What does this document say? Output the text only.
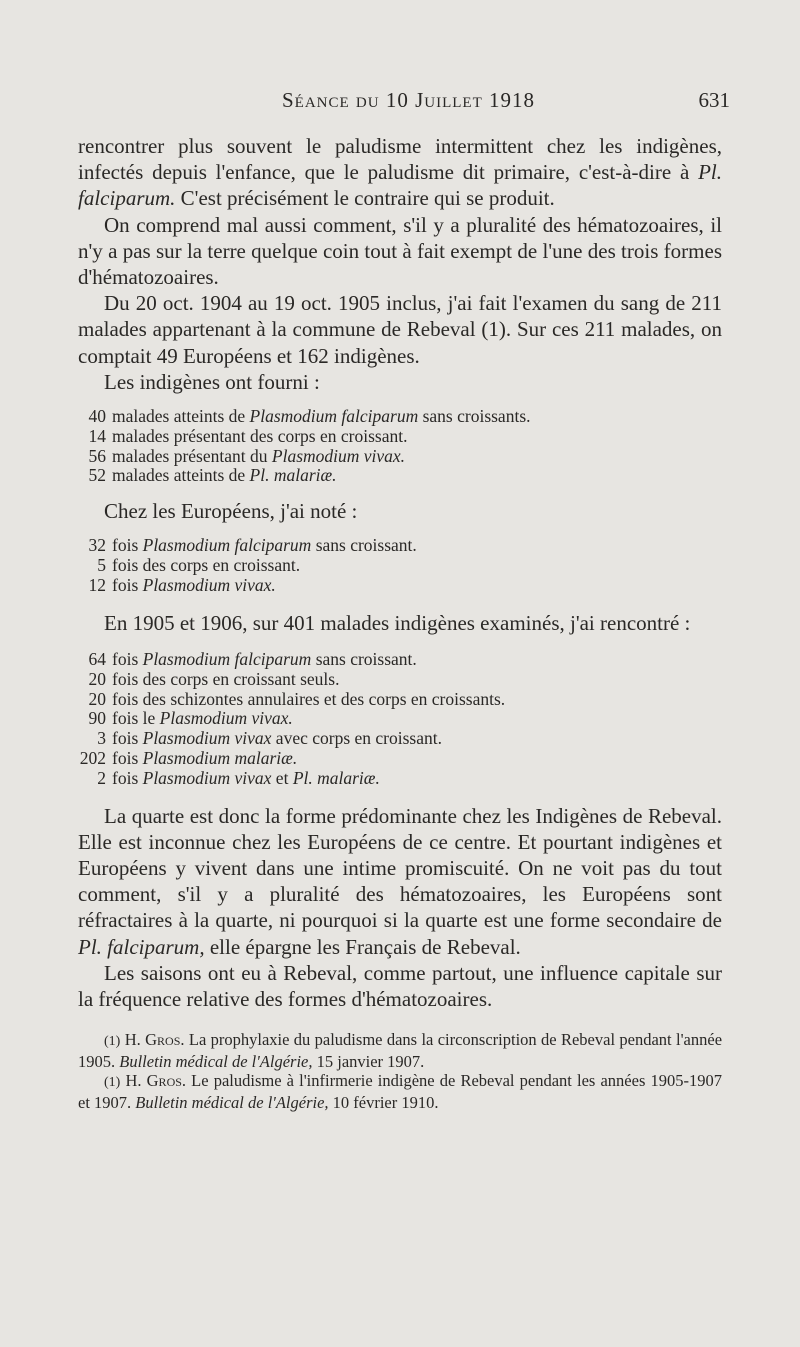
Séance du 10 Juillet 1918	631

rencontrer plus souvent le paludisme intermittent chez les indigènes, infectés depuis l'enfance, que le paludisme dit primaire, c'est-à-dire à Pl. falciparum. C'est précisément le contraire qui se produit.

On comprend mal aussi comment, s'il y a pluralité des hématozoaires, il n'y a pas sur la terre quelque coin tout à fait exempt de l'une des trois formes d'hématozoaires.

Du 20 oct. 1904 au 19 oct. 1905 inclus, j'ai fait l'examen du sang de 211 malades appartenant à la commune de Rebeval (1). Sur ces 211 malades, on comptait 49 Européens et 162 indigènes.

Les indigènes ont fourni :

40 malades atteints de Plasmodium falciparum sans croissants.
14 malades présentant des corps en croissant.
56 malades présentant du Plasmodium vivax.
52 malades atteints de Pl. malariæ.

Chez les Européens, j'ai noté :

32 fois Plasmodium falciparum sans croissant.
5 fois des corps en croissant.
12 fois Plasmodium vivax.

En 1905 et 1906, sur 401 malades indigènes examinés, j'ai rencontré :

64 fois Plasmodium falciparum sans croissant.
20 fois des corps en croissant seuls.
20 fois des schizontes annulaires et des corps en croissants.
90 fois le Plasmodium vivax.
3 fois Plasmodium vivax avec corps en croissant.
202 fois Plasmodium malariæ.
2 fois Plasmodium vivax et Pl. malariæ.

La quarte est donc la forme prédominante chez les Indigènes de Rebeval. Elle est inconnue chez les Européens de ce centre. Et pourtant indigènes et Européens y vivent dans une intime promiscuité. On ne voit pas du tout comment, s'il y a pluralité des hématozoaires, les Européens sont réfractaires à la quarte, ni pourquoi si la quarte est une forme secondaire de Pl. falciparum, elle épargne les Français de Rebeval.

Les saisons ont eu à Rebeval, comme partout, une influence capitale sur la fréquence relative des formes d'hématozoaires.

(1) H. Gros. La prophylaxie du paludisme dans la circonscription de Rebeval pendant l'année 1905. Bulletin médical de l'Algérie, 15 janvier 1907.

(1) H. Gros. Le paludisme à l'infirmerie indigène de Rebeval pendant les années 1905-1907 et 1907. Bulletin médical de l'Algérie, 10 février 1910.
